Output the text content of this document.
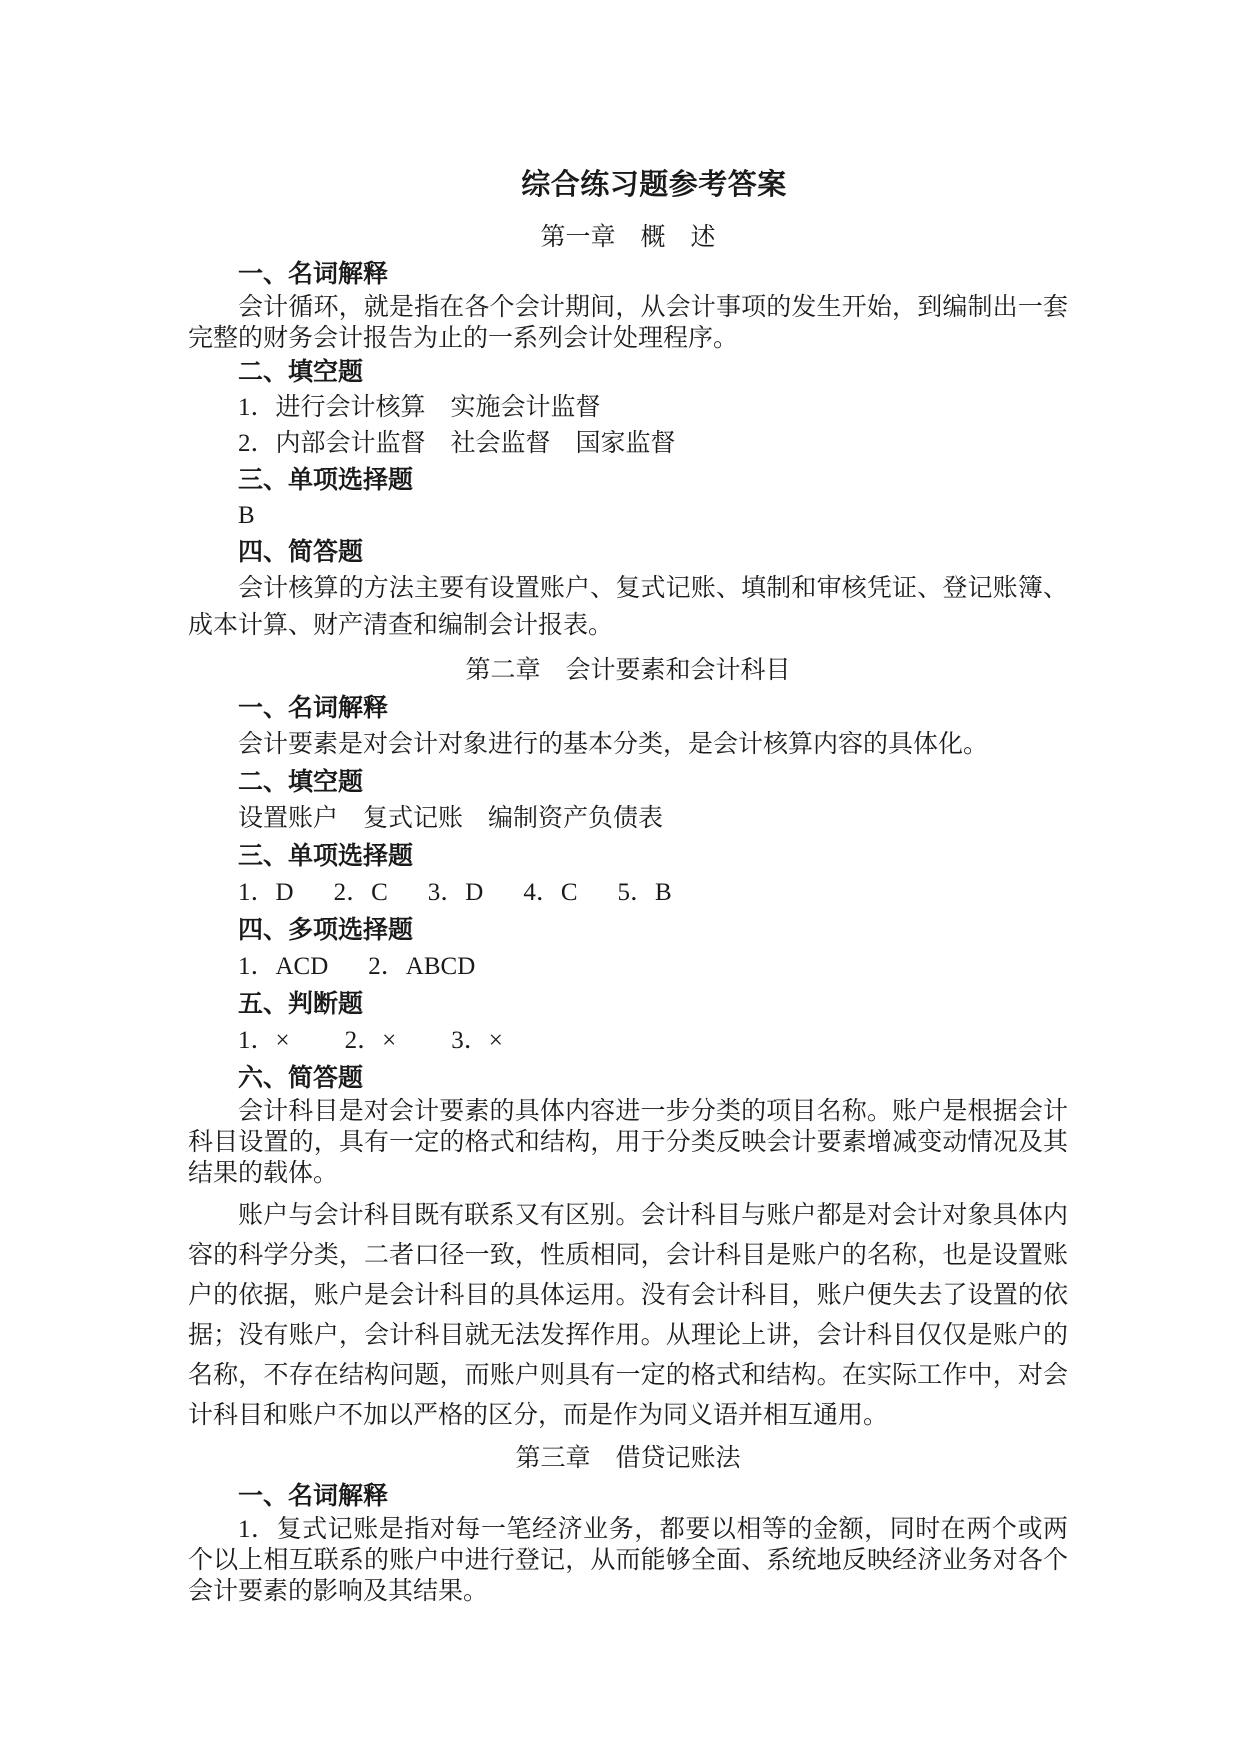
综合练习题参考答案
第一章　概　述
一、名词解释

会计循环，就是指在各个会计期间，从会计事项的发生开始，到编制出一套完整的财务会计报告为止的一系列会计处理程序。

二、填空题

1．进行会计核算　实施会计监督

2．内部会计监督　社会监督　国家监督

三、单项选择题

B

四、简答题

会计核算的方法主要有设置账户、复式记账、填制和审核凭证、登记账簿、成本计算、财产清查和编制会计报表。

第二章　会计要素和会计科目
一、名词解释

会计要素是对会计对象进行的基本分类，是会计核算内容的具体化。

二、填空题

设置账户　复式记账　编制资产负债表

三、单项选择题
1．D 2．C 3．D 4．C 5．B
四、多项选择题
1．ACD 2．ABCD
五、判断题
1．× 2．× 3．×
六、简答题

会计科目是对会计要素的具体内容进一步分类的项目名称。账户是根据会计科目设置的，具有一定的格式和结构，用于分类反映会计要素增减变动情况及其结果的载体。

账户与会计科目既有联系又有区别。会计科目与账户都是对会计对象具体内容的科学分类，二者口径一致，性质相同，会计科目是账户的名称，也是设置账户的依据，账户是会计科目的具体运用。没有会计科目，账户便失去了设置的依据；没有账户，会计科目就无法发挥作用。从理论上讲，会计科目仅仅是账户的名称，不存在结构问题，而账户则具有一定的格式和结构。在实际工作中，对会计科目和账户不加以严格的区分，而是作为同义语并相互通用。

第三章　借贷记账法
一、名词解释

1．复式记账是指对每一笔经济业务，都要以相等的金额，同时在两个或两个以上相互联系的账户中进行登记，从而能够全面、系统地反映经济业务对各个会计要素的影响及其结果。
